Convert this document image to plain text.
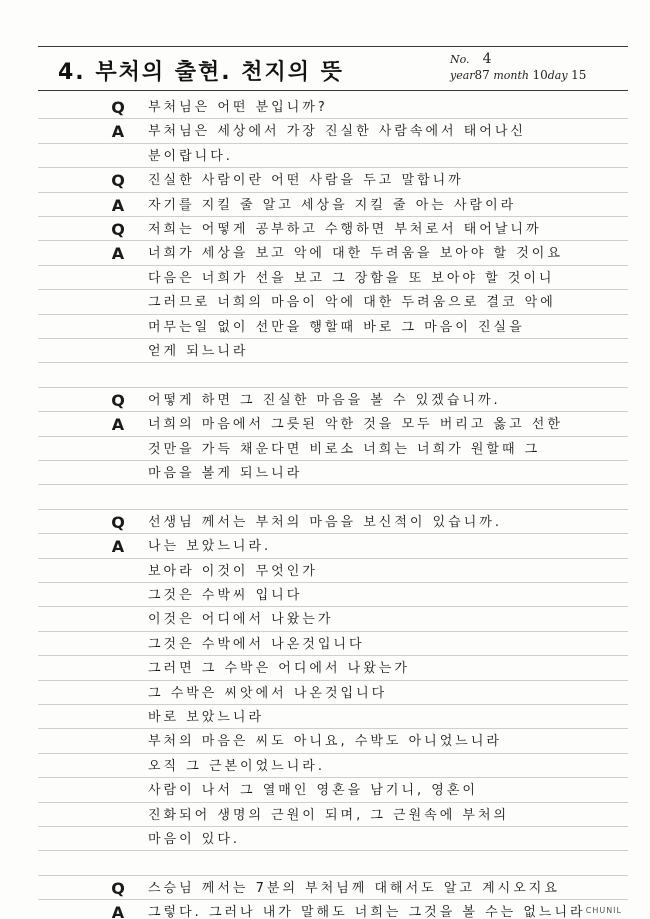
4. 부처의 출현. 천지의 뜻
No. 4
year87 month 10day 15
Q 부처님은 어떤 분입니까?
A 부처님은 세상에서 가장 진실한 사람속에서 태어나신
분이랍니다.
Q 진실한 사람이란 어떤 사람을 두고 말합니까
A 자기를 지킬 줄 알고 세상을 지킬 줄 아는 사람이라
Q 저희는 어떻게 공부하고 수행하면 부처로서 태어날니까
A 너희가 세상을 보고 악에 대한 두려움을 보아야 할 것이요
다음은 너희가 선을 보고 그 장함을 또 보아야 할 것이니
그러므로 너희의 마음이 악에 대한 두려움으로 결코 악에
머무는일 없이 선만을 행할때 바로 그 마음이 진실을
얻게 되느니라
Q 어떻게 하면 그 진실한 마음을 볼 수 있겠습니까.
A 너희의 마음에서 그릇된 악한 것을 모두 버리고 옳고 선한
것만을 가득 채운다면 비로소 너희는 너희가 원할때 그
마음을 볼게 되느니라
Q 선생님 께서는 부처의 마음을 보신적이 있습니까.
A 나는 보았느니라.
보아라 이것이 무엇인가
그것은 수박씨 입니다
이것은 어디에서 나왔는가
그것은 수박에서 나온것입니다
그러면 그 수박은 어디에서 나왔는가
그 수박은 씨앗에서 나온것입니다
바로 보았느니라
부처의 마음은 씨도 아니요, 수박도 아니었느니라
오직 그 근본이었느니라.
사람이 나서 그 열매인 영혼을 남기니, 영혼이
진화되어 생명의 근원이 되며, 그 근원속에 부처의
마음이 있다.
Q 스승님 께서는 7분의 부처님께 대해서도 알고 계시오지요
A 그렇다. 그러나 내가 말해도 너희는 그것을 볼 수는 없느니라 CHUNIL
